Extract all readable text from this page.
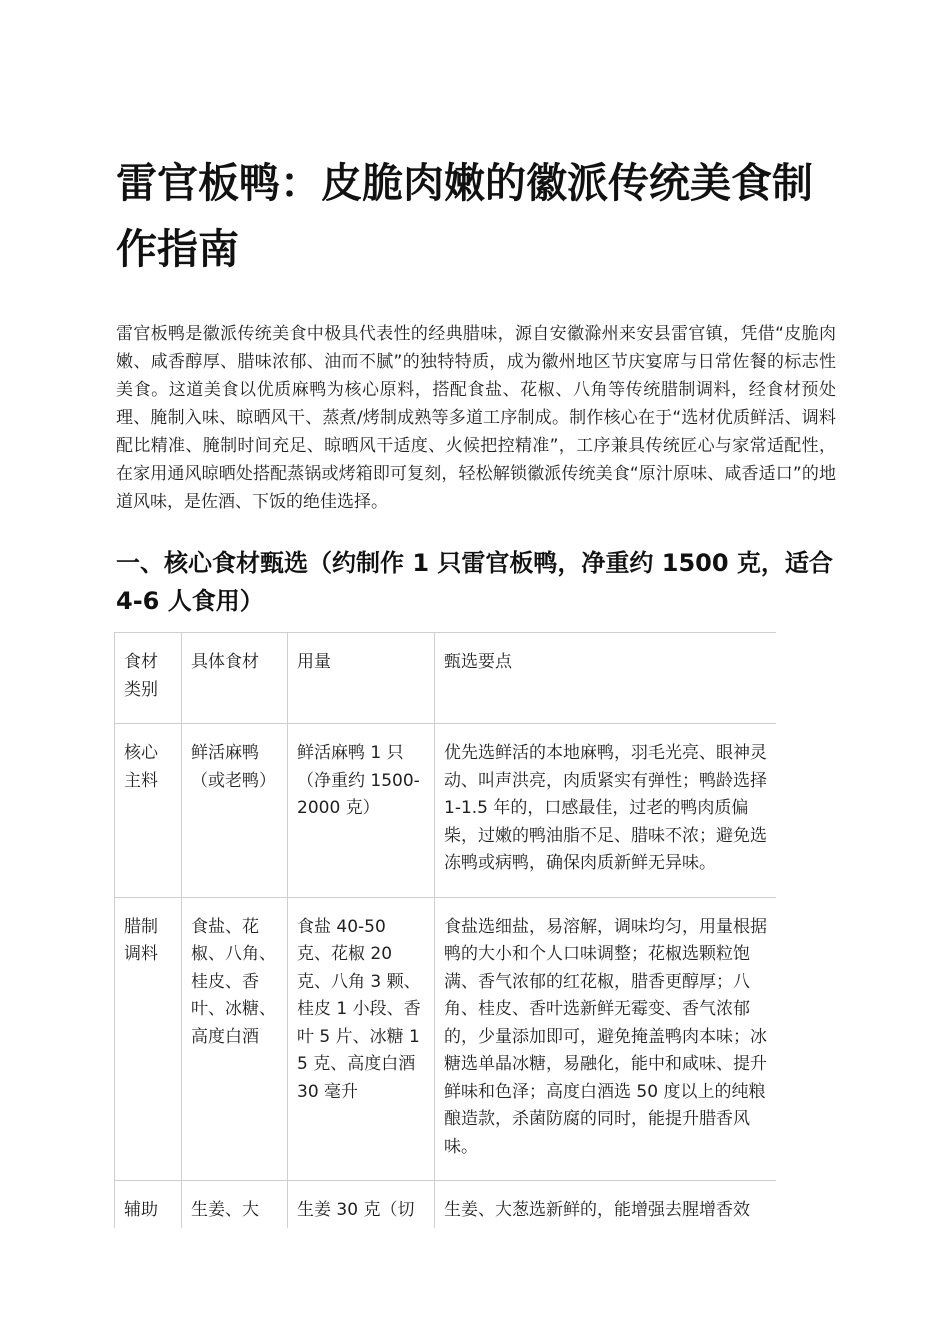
雷官板鸭：皮脆肉嫩的徽派传统美食制作指南

雷官板鸭是徽派传统美食中极具代表性的经典腊味，源自安徽滁州来安县雷官镇，凭借“皮脆肉嫩、咸香醇厚、腊味浓郁、油而不腻”的独特特质，成为徽州地区节庆宴席与日常佐餐的标志性美食。这道美食以优质麻鸭为核心原料，搭配食盐、花椒、八角等传统腊制调料，经食材预处理、腌制入味、晾晒风干、蒸煮/烤制成熟等多道工序制成。制作核心在于“选材优质鲜活、调料配比精准、腌制时间充足、晾晒风干适度、火候把控精准”，工序兼具传统匠心与家常适配性，在家用通风晾晒处搭配蒸锅或烤箱即可复刻，轻松解锁徽派传统美食“原汁原味、咸香适口”的地道风味，是佐酒、下饭的绝佳选择。

一、核心食材甄选（约制作 1 只雷官板鸭，净重约 1500 克，适合 4-6 人食用）
食材类别	具体食材	用量	甄选要点
核心主料	鲜活麻鸭（或老鸭）	鲜活麻鸭 1 只（净重约 1500-2000 克）	优先选鲜活的本地麻鸭，羽毛光亮、眼神灵动、叫声洪亮，肉质紧实有弹性；鸭龄选择 1-1.5 年的，口感最佳，过老的鸭肉质偏柴，过嫩的鸭油脂不足、腊味不浓；避免选冻鸭或病鸭，确保肉质新鲜无异味。
腊制调料	食盐、花椒、八角、桂皮、香叶、冰糖、高度白酒	食盐 40-50 克、花椒 20 克、八角 3 颗、桂皮 1 小段、香叶 5 片、冰糖 15 克、高度白酒 30 毫升	食盐选细盐，易溶解，调味均匀，用量根据鸭的大小和个人口味调整；花椒选颗粒饱满、香气浓郁的红花椒，腊香更醇厚；八角、桂皮、香叶选新鲜无霉变、香气浓郁的，少量添加即可，避免掩盖鸭肉本味；冰糖选单晶冰糖，易融化，能中和咸味、提升鲜味和色泽；高度白酒选 50 度以上的纯粮酿造款，杀菌防腐的同时，能提升腊香风味。
辅助	生姜、大	生姜 30 克（切	生姜、大葱选新鲜的，能增强去腥增香效
